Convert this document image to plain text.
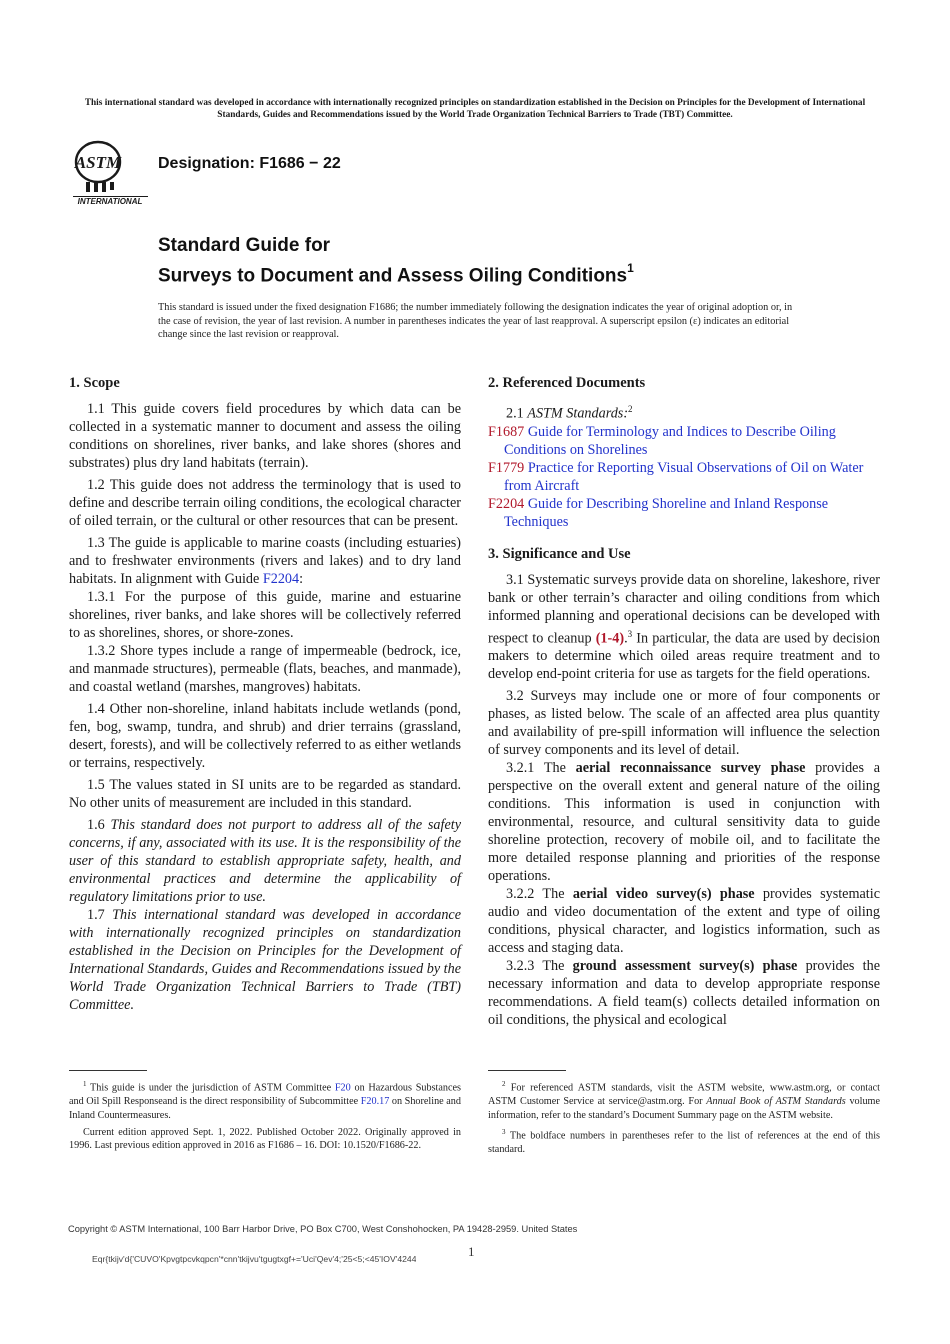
This international standard was developed in accordance with internationally recognized principles on standardization established in the Decision on Principles for the Development of International Standards, Guides and Recommendations issued by the World Trade Organization Technical Barriers to Trade (TBT) Committee.
ASTM
INTERNATIONAL
Designation: F1686 − 22
Standard Guide for
Surveys to Document and Assess Oiling Conditions$^1$
This standard is issued under the fixed designation F1686; the number immediately following the designation indicates the year of original adoption or, in the case of revision, the year of last revision. A number in parentheses indicates the year of last reapproval. A superscript epsilon (ε) indicates an editorial change since the last revision or reapproval.
1. Scope

1.1 This guide covers field procedures by which data can be collected in a systematic manner to document and assess the oiling conditions on shorelines, river banks, and lake shores (shores and substrates) plus dry land habitats (terrain).

1.2 This guide does not address the terminology that is used to define and describe terrain oiling conditions, the ecological character of oiled terrain, or the cultural or other resources that can be present.

1.3 The guide is applicable to marine coasts (including estuaries) and to freshwater environments (rivers and lakes) and to dry land habitats. In alignment with Guide F2204:

1.3.1 For the purpose of this guide, marine and estuarine shorelines, river banks, and lake shores will be collectively referred to as shorelines, shores, or shore-zones.

1.3.2 Shore types include a range of impermeable (bedrock, ice, and manmade structures), permeable (flats, beaches, and manmade), and coastal wetland (marshes, mangroves) habitats.

1.4 Other non-shoreline, inland habitats include wetlands (pond, fen, bog, swamp, tundra, and shrub) and drier terrains (grassland, desert, forests), and will be collectively referred to as either wetlands or terrains, respectively.

1.5 The values stated in SI units are to be regarded as standard. No other units of measurement are included in this standard.

1.6 This standard does not purport to address all of the safety concerns, if any, associated with its use. It is the responsibility of the user of this standard to establish appropriate safety, health, and environmental practices and determine the applicability of regulatory limitations prior to use.

1.7 This international standard was developed in accordance with internationally recognized principles on standardization established in the Decision on Principles for the Development of International Standards, Guides and Recommendations issued by the World Trade Organization Technical Barriers to Trade (TBT) Committee.

2. Referenced Documents

2.1 ASTM Standards:$^2$

F1687 Guide for Terminology and Indices to Describe Oiling Conditions on Shorelines
F1779 Practice for Reporting Visual Observations of Oil on Water from Aircraft
F2204 Guide for Describing Shoreline and Inland Response Techniques
3. Significance and Use

3.1 Systematic surveys provide data on shoreline, lakeshore, river bank or other terrain’s character and oiling conditions from which informed planning and operational decisions can be developed with respect to cleanup (1-4).$^3$ In particular, the data are used by decision makers to determine which oiled areas require treatment and to develop end-point criteria for use as targets for the field operations.

3.2 Surveys may include one or more of four components or phases, as listed below. The scale of an affected area plus quantity and availability of pre-spill information will influence the selection of survey components and its level of detail.

3.2.1 The aerial reconnaissance survey phase provides a perspective on the overall extent and general nature of the oiling conditions. This information is used in conjunction with environmental, resource, and cultural sensitivity data to guide shoreline protection, recovery of mobile oil, and to facilitate the more detailed response planning and priorities of the response operations.

3.2.2 The aerial video survey(s) phase provides systematic audio and video documentation of the extent and type of oiling conditions, physical character, and logistics information, such as access and staging data.

3.2.3 The ground assessment survey(s) phase provides the necessary information and data to develop appropriate response recommendations. A field team(s) collects detailed information on oil conditions, the physical and ecological

$^1$ This guide is under the jurisdiction of ASTM Committee F20 on Hazardous Substances and Oil Spill Responseand is the direct responsibility of Subcommittee F20.17 on Shoreline and Inland Countermeasures.

Current edition approved Sept. 1, 2022. Published October 2022. Originally approved in 1996. Last previous edition approved in 2016 as F1686 – 16. DOI: 10.1520/F1686-22.

$^2$ For referenced ASTM standards, visit the ASTM website, www.astm.org, or contact ASTM Customer Service at service@astm.org. For Annual Book of ASTM Standards volume information, refer to the standard’s Document Summary page on the ASTM website.

$^3$ The boldface numbers in parentheses refer to the list of references at the end of this standard.

Copyright © ASTM International, 100 Barr Harbor Drive, PO Box C700, West Conshohocken, PA 19428-2959. United States
1
Eqr{tkijv'd{'CUVO'Kpvgtpcvkqpcn'*cnn'tkijvu'tgugtxgf+='Uci'Qev'4;'25<5;<45'IOV'4244
